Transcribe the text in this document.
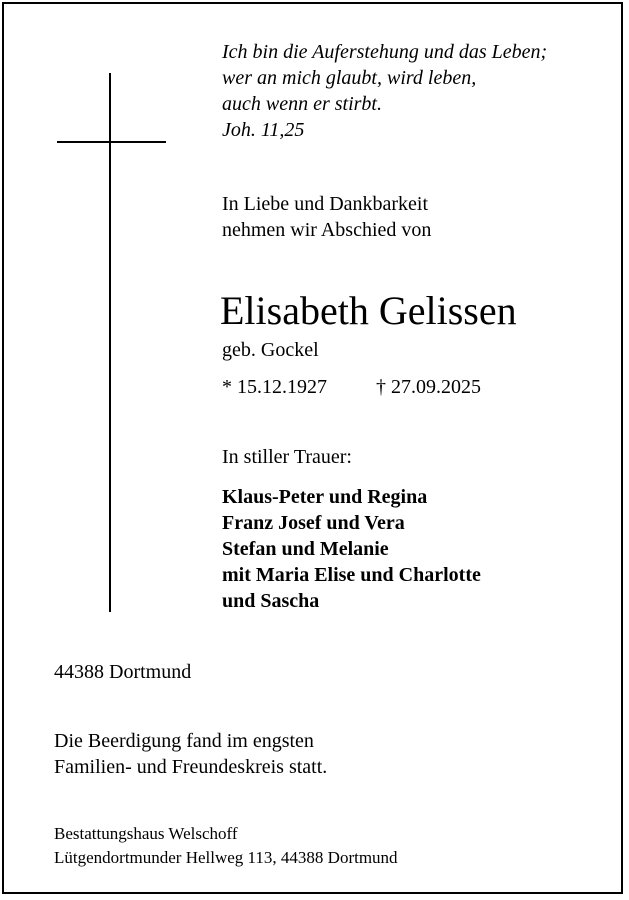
Ich bin die Auferstehung und das Leben;
wer an mich glaubt, wird leben,
auch wenn er stirbt.
Joh. 11,25

In Liebe und Dankbarkeit
nehmen wir Abschied von

Elisabeth Gelissen

geb. Gockel

* 15.12.1927 † 27.09.2025

In stiller Trauer:

Klaus-Peter und Regina
Franz Josef und Vera
Stefan und Melanie
mit Maria Elise und Charlotte
und Sascha

44388 Dortmund

Die Beerdigung fand im engsten
Familien- und Freundeskreis statt.

Bestattungshaus Welschoff
Lütgendortmunder Hellweg 113, 44388 Dortmund
